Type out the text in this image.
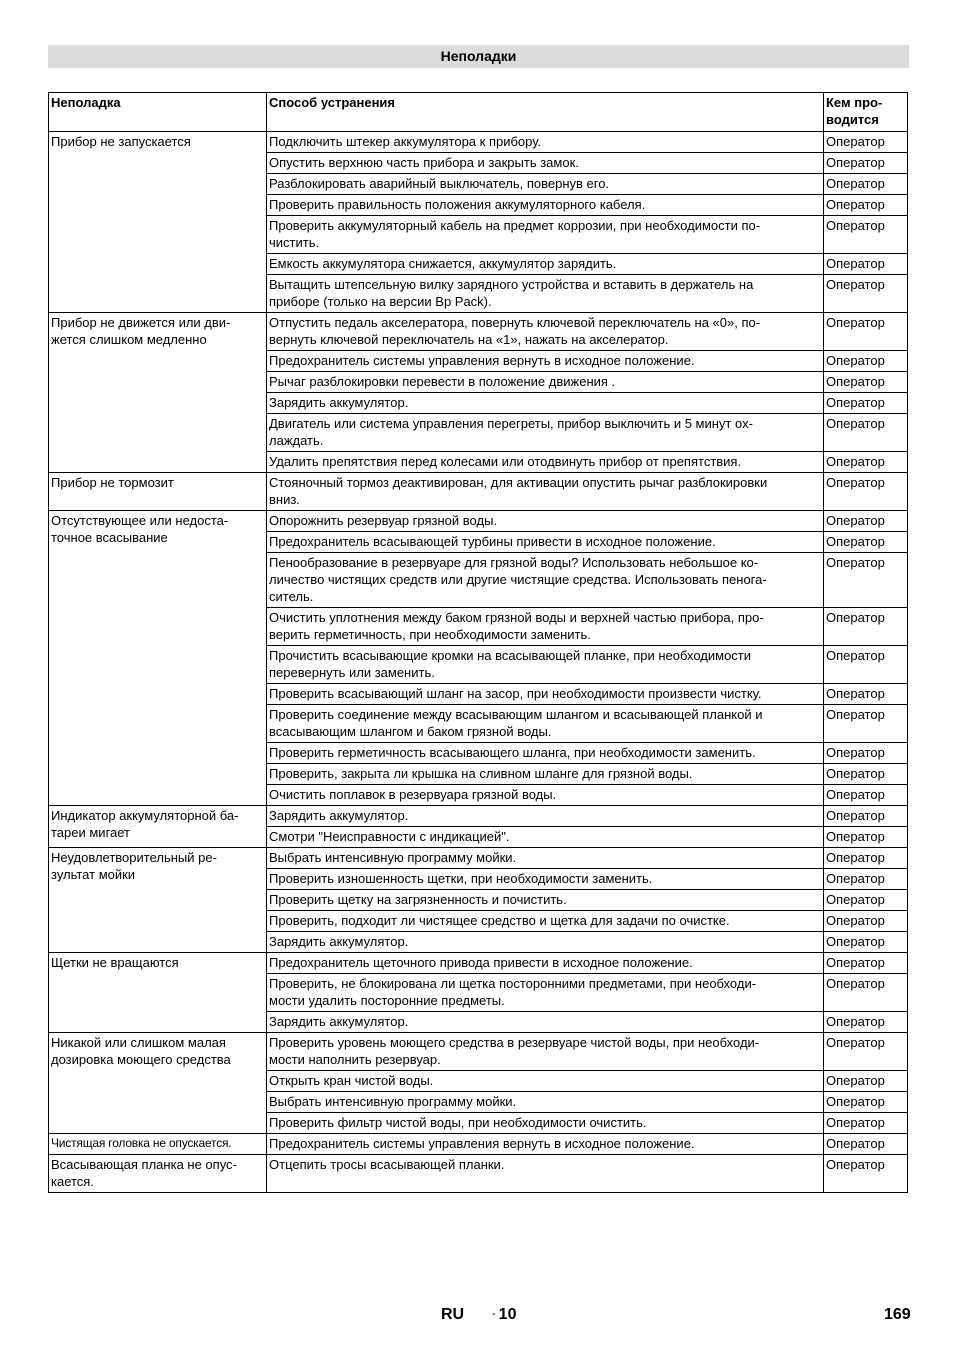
Неполадки
Неполадка	Способ устранения	Кем про-
водится
Прибор не запускается	Подключить штекер аккумулятора к прибору.	Оператор
	Опустить верхнюю часть прибора и закрыть замок.	Оператор
	Разблокировать аварийный выключатель, повернув его.	Оператор
	Проверить правильность положения аккумуляторного кабеля.	Оператор
	Проверить аккумуляторный кабель на предмет коррозии, при необходимости по-
чистить.	Оператор
	Емкость аккумулятора снижается, аккумулятор зарядить.	Оператор
	Вытащить штепсельную вилку зарядного устройства и вставить в держатель на
приборе (только на версии Bp Pack).	Оператор
Прибор не движется или дви-
жется слишком медленно	Отпустить педаль акселератора, повернуть ключевой переключатель на «0», по-
вернуть ключевой переключатель на «1», нажать на акселератор.	Оператор
	Предохранитель системы управления вернуть в исходное положение.	Оператор
	Рычаг разблокировки перевести в положение движения .	Оператор
	Зарядить аккумулятор.	Оператор
	Двигатель или система управления перегреты, прибор выключить и 5 минут ох-
лаждать.	Оператор
	Удалить препятствия перед колесами или отодвинуть прибор от препятствия.	Оператор
Прибор не тормозит	Стояночный тормоз деактивирован, для активации опустить рычаг разблокировки
вниз.	Оператор
Отсутствующее или недоста-
точное всасывание	Опорожнить резервуар грязной воды.	Оператор
	Предохранитель всасывающей турбины привести в исходное положение.	Оператор
	Пенообразование в резервуаре для грязной воды? Использовать небольшое ко-
личество чистящих средств или другие чистящие средства. Использовать пенога-
ситель.	Оператор
	Очистить уплотнения между баком грязной воды и верхней частью прибора, про-
верить герметичность, при необходимости заменить.	Оператор
	Прочистить всасывающие кромки на всасывающей планке, при необходимости
перевернуть или заменить.	Оператор
	Проверить всасывающий шланг на засор, при необходимости произвести чистку.	Оператор
	Проверить соединение между всасывающим шлангом и всасывающей планкой и
всасывающим шлангом и баком грязной воды.	Оператор
	Проверить герметичность всасывающего шланга, при необходимости заменить.	Оператор
	Проверить, закрыта ли крышка на сливном шланге для грязной воды.	Оператор
	Очистить поплавок в резервуара грязной воды.	Оператор
Индикатор аккумуляторной ба-
тареи мигает	Зарядить аккумулятор.	Оператор
	Смотри "Неисправности с индикацией".	Оператор
Неудовлетворительный ре-
зультат мойки	Выбрать интенсивную программу мойки.	Оператор
	Проверить изношенность щетки, при необходимости заменить.	Оператор
	Проверить щетку на загрязненность и почистить.	Оператор
	Проверить, подходит ли чистящее средство и щетка для задачи по очистке.	Оператор
	Зарядить аккумулятор.	Оператор
Щетки не вращаются	Предохранитель щеточного привода привести в исходное положение.	Оператор
	Проверить, не блокирована ли щетка посторонними предметами, при необходи-
мости удалить посторонние предметы.	Оператор
	Зарядить аккумулятор.	Оператор
Никакой или слишком малая
дозировка моющего средства	Проверить уровень моющего средства в резервуаре чистой воды, при необходи-
мости наполнить резервуар.	Оператор
	Открыть кран чистой воды.	Оператор
	Выбрать интенсивную программу мойки.	Оператор
	Проверить фильтр чистой воды, при необходимости очистить.	Оператор
Чистящая головка не опускается.	Предохранитель системы управления вернуть в исходное положение.	Оператор
Всасывающая планка не опус-
кается.	Отцепить тросы всасывающей планки.	Оператор
RU	- 10	169
